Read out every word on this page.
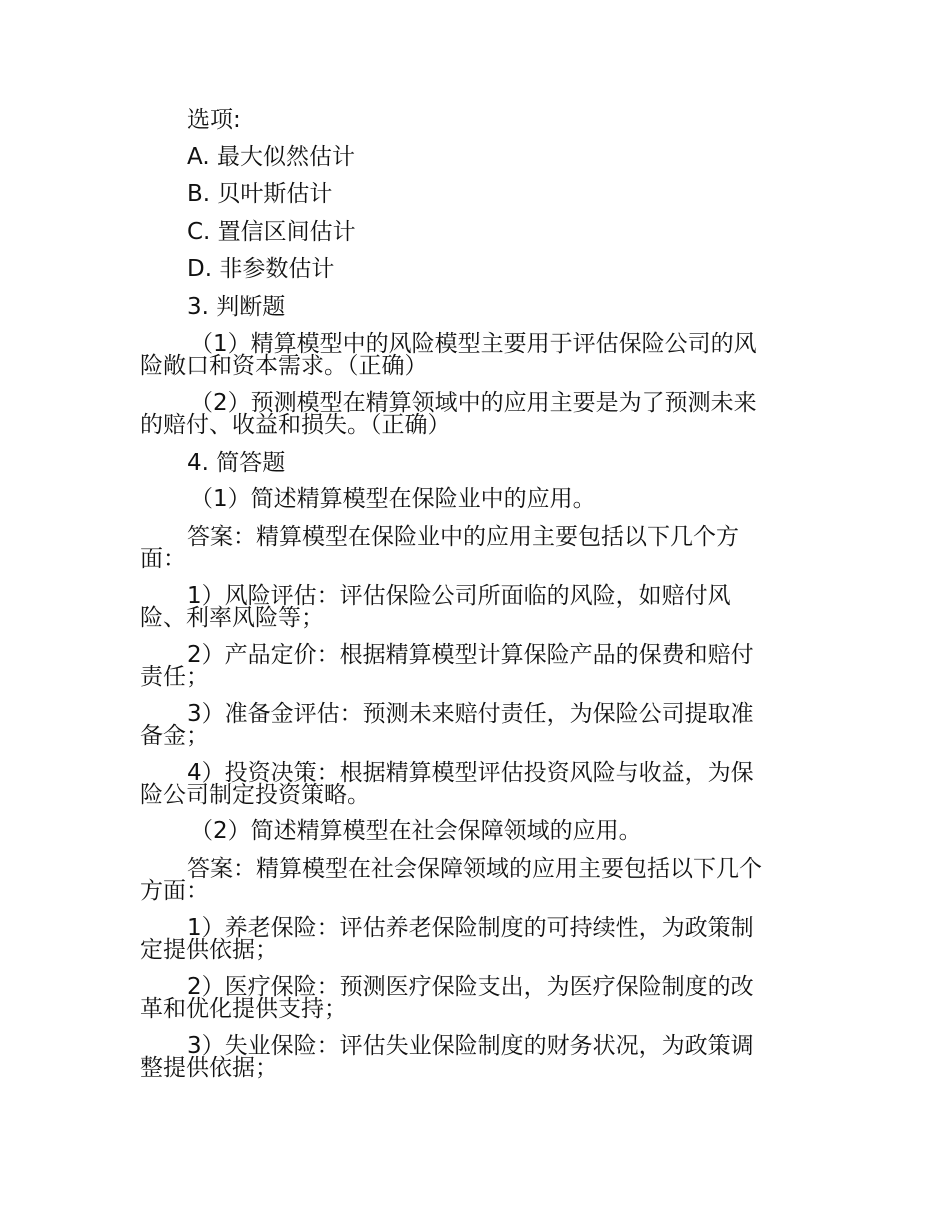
选项:

A. 最大似然估计

B. 贝叶斯估计

C. 置信区间估计

D. 非参数估计

3. 判断题

（1）精算模型中的风险模型主要用于评估保险公司的风

险敞口和资本需求。（正确）

（2）预测模型在精算领域中的应用主要是为了预测未来

的赔付、收益和损失。（正确）

4. 简答题

（1）简述精算模型在保险业中的应用。

答案：精算模型在保险业中的应用主要包括以下几个方

面：

1）风险评估：评估保险公司所面临的风险，如赔付风

险、利率风险等；

2）产品定价：根据精算模型计算保险产品的保费和赔付

责任；

3）准备金评估：预测未来赔付责任，为保险公司提取准

备金；

4）投资决策：根据精算模型评估投资风险与收益，为保

险公司制定投资策略。

（2）简述精算模型在社会保障领域的应用。

答案：精算模型在社会保障领域的应用主要包括以下几个

方面：

1）养老保险：评估养老保险制度的可持续性，为政策制

定提供依据；

2）医疗保险：预测医疗保险支出，为医疗保险制度的改

革和优化提供支持；

3）失业保险：评估失业保险制度的财务状况，为政策调

整提供依据；
